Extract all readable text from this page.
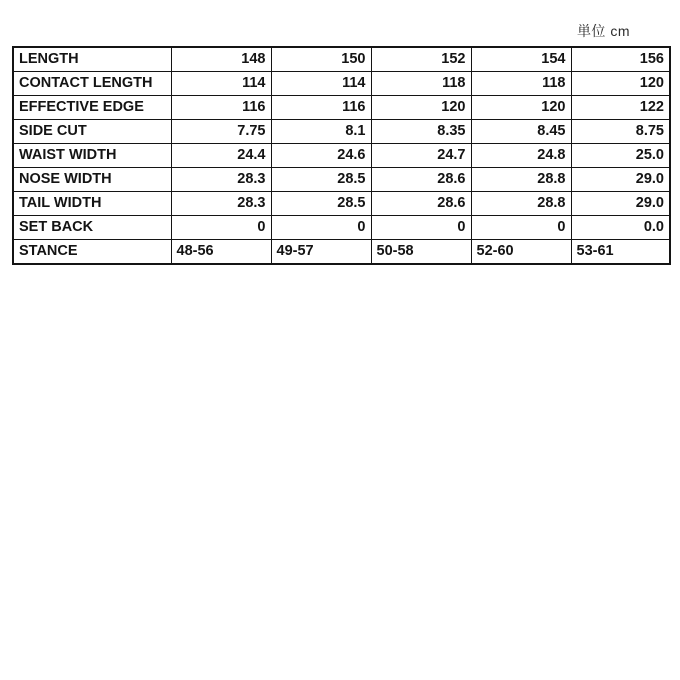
単位 cm
LENGTH	148	150	152	154	156
CONTACT LENGTH	114	114	118	118	120
EFFECTIVE EDGE	116	116	120	120	122
SIDE CUT	7.75	8.1	8.35	8.45	8.75
WAIST WIDTH	24.4	24.6	24.7	24.8	25.0
NOSE WIDTH	28.3	28.5	28.6	28.8	29.0
TAIL WIDTH	28.3	28.5	28.6	28.8	29.0
SET BACK	0	0	0	0	0.0
STANCE	48-56	49-57	50-58	52-60	53-61
